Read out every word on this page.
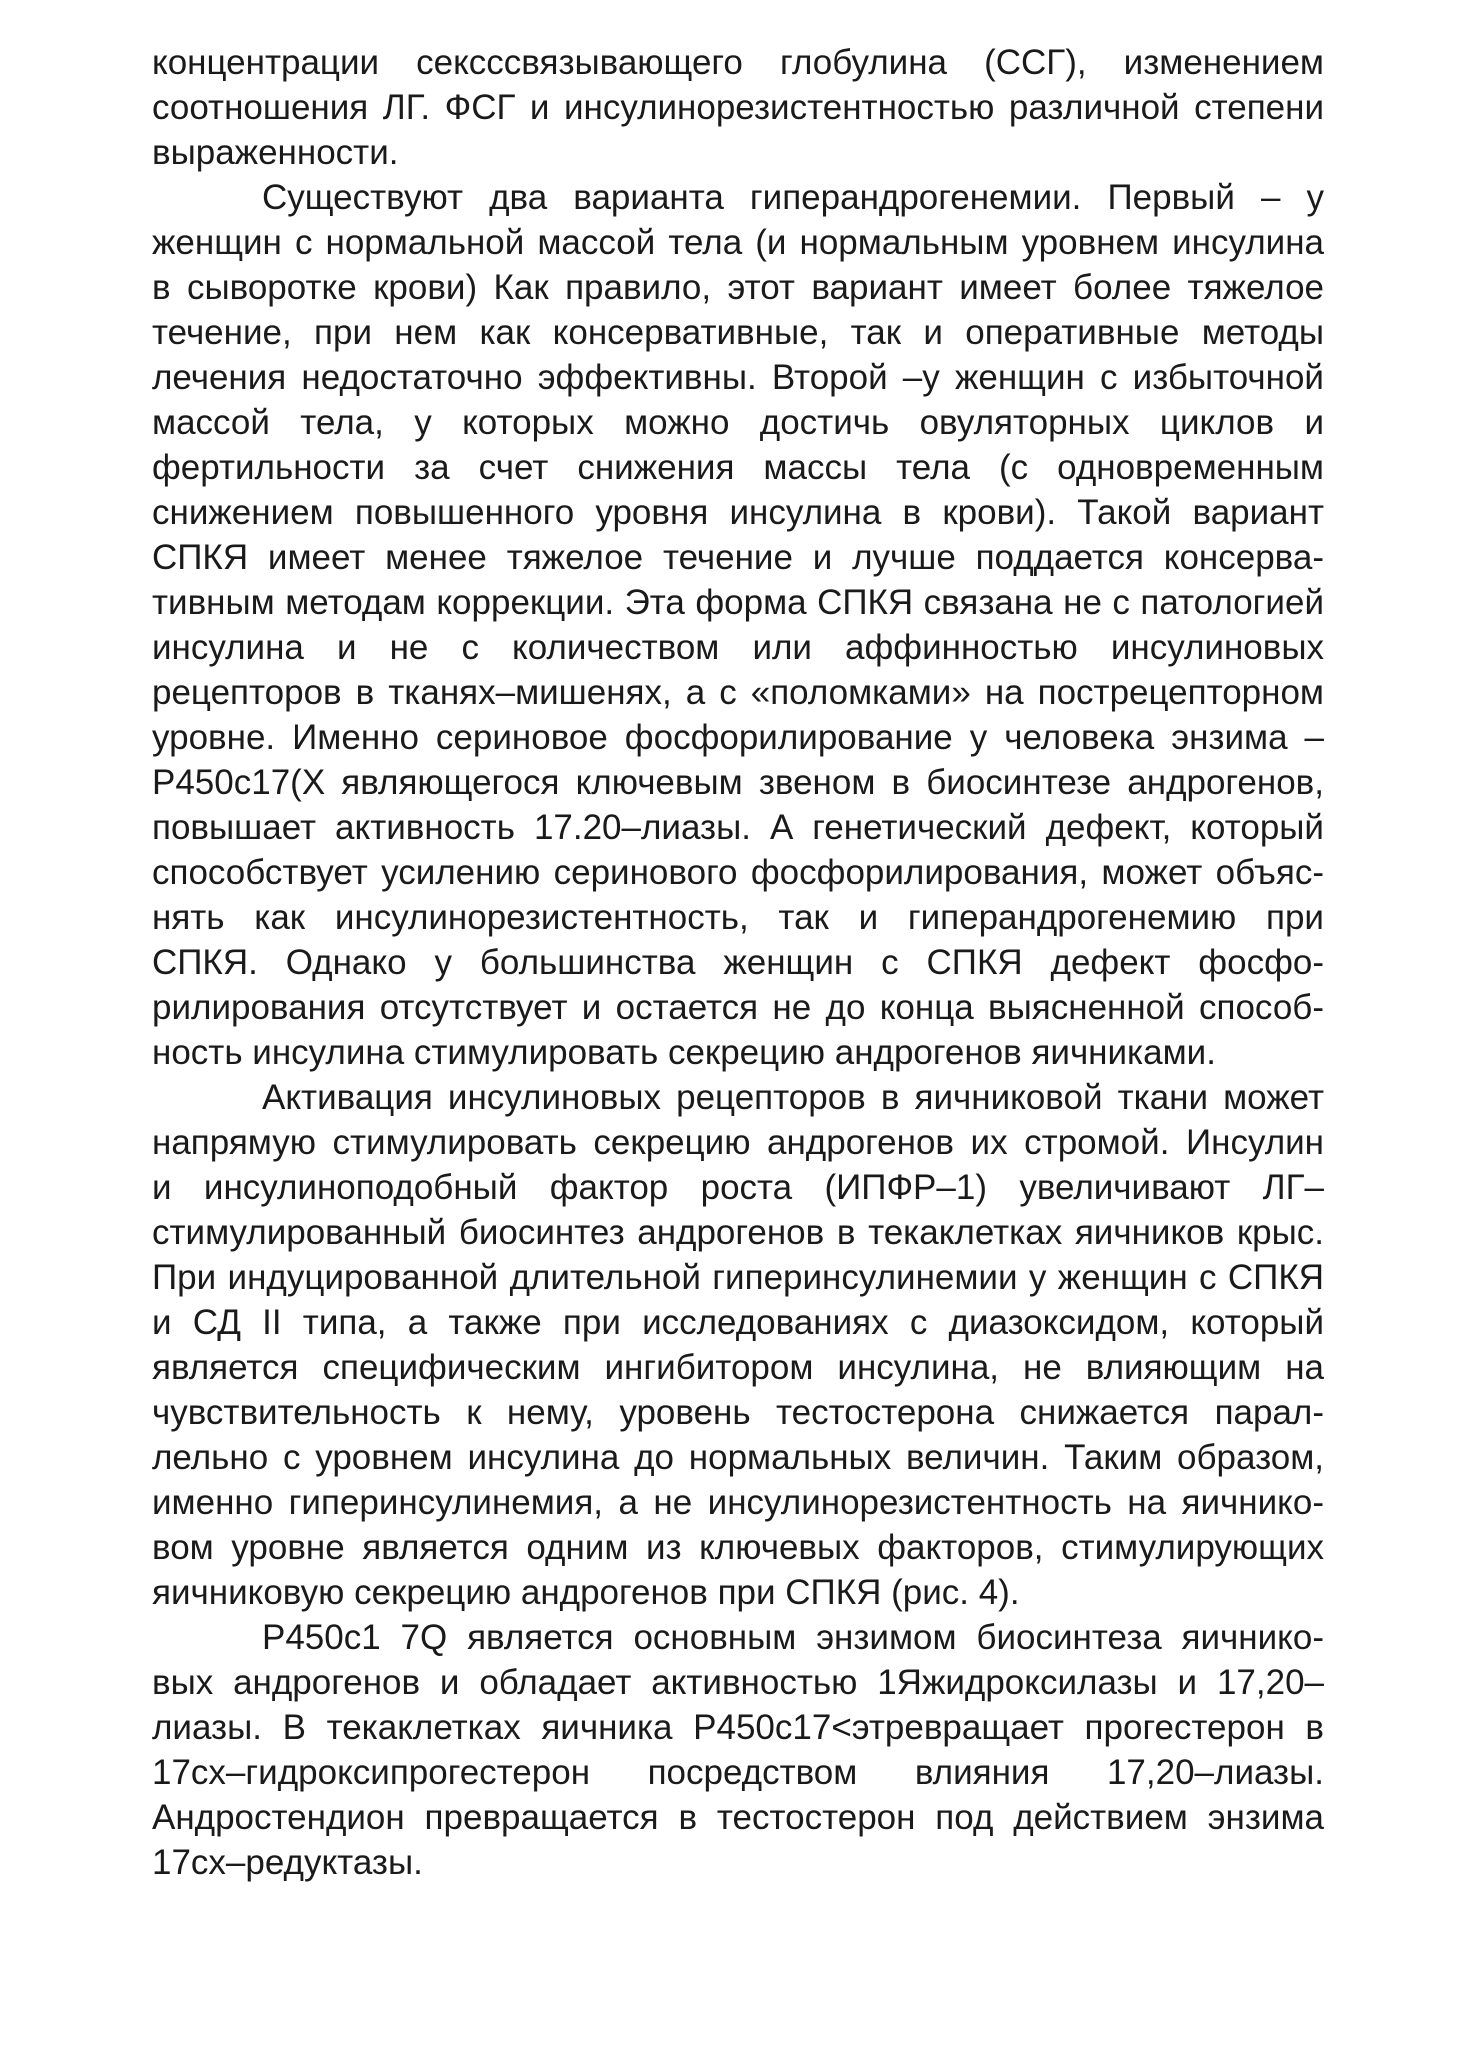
концентрации сексссвязывающего глобулина (ССГ), изменением
соотношения ЛГ. ФСГ и инсулинорезистентностью различной степени
выраженности.

Существуют два варианта гиперандрогенемии. Первый – у
женщин с нормальной массой тела (и нормальным уровнем инсулина
в сыворотке крови) Как правило, этот вариант имеет более тяжелое
течение, при нем как консервативные, так и оперативные методы
лечения недостаточно эффективны. Второй –у женщин с избыточной
массой тела, у которых можно достичь овуляторных циклов и
фертильности за счет снижения массы тела (с одновременным
снижением повышенного уровня инсулина в крови). Такой вариант
СПКЯ имеет менее тяжелое течение и лучше поддается консерва-
тивным методам коррекции. Эта форма СПКЯ связана не с патологией
инсулина и не с количеством или аффинностью инсулиновых
рецепторов в тканях–мишенях, а с «поломками» на пострецепторном
уровне. Именно сериновое фосфорилирование у человека энзима –
P450c17(X являющегося ключевым звеном в биосинтезе андрогенов,
повышает активность 17.20–лиазы. А генетический дефект, который
способствует усилению серинового фосфорилирования, может объяс-
нять как инсулинорезистентность, так и гиперандрогенемию при
СПКЯ. Однако у большинства женщин с СПКЯ дефект фосфо-
рилирования отсутствует и остается не до конца выясненной способ-
ность инсулина стимулировать секрецию андрогенов яичниками.

Активация инсулиновых рецепторов в яичниковой ткани может
напрямую стимулировать секрецию андрогенов их стромой. Инсулин
и инсулиноподобный фактор роста (ИПФР–1) увеличивают ЛГ–
стимулированный биосинтез андрогенов в текаклетках яичников крыс.
При индуцированной длительной гиперинсулинемии у женщин с СПКЯ
и СД II типа, а также при исследованиях с диазоксидом, который
является специфическим ингибитором инсулина, не влияющим на
чувствительность к нему, уровень тестостерона снижается парал-
лельно с уровнем инсулина до нормальных величин. Таким образом,
именно гиперинсулинемия, а не инсулинорезистентность на яичнико-
вом уровне является одним из ключевых факторов, стимулирующих
яичниковую секрецию андрогенов при СПКЯ (рис. 4).

P450c1 7Q является основным энзимом биосинтеза яичнико-
вых андрогенов и обладает активностью 1Яжидроксилазы и 17,20–
лиазы. В текаклетках яичника P450c17<этревращает прогестерон в
17сх–гидроксипрогестерон посредством влияния 17,20–лиазы.
Андростендион превращается в тестостерон под действием энзима
17сх–редуктазы.
